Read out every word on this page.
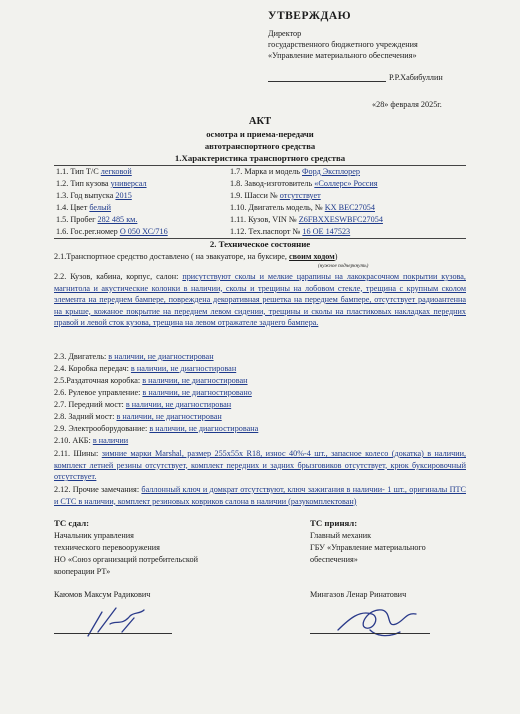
УТВЕРЖДАЮ
Директор
государственного бюджетного учреждения
«Управление материального обеспечения»
Р.Р.Хабибуллин
«28» февраля 2025г.
АКТ
осмотра и приема-передачи
автотранспортного средства
1.Характеристика транспортного средства
1.1. Тип Т/С легковой
1.2. Тип кузова универсал
1.3. Год выпуска 2015
1.4. Цвет белый
1.5. Пробег 282 485 км.
1.6. Гос.рег.номер О 050 ХС/716
1.7. Марка и модель Форд Эксплорер
1.8. Завод-изготовитель «Соллерс» Россия
1.9. Шасси № отсутствует
1.10. Двигатель модель, № KX BEC27054
1.11. Кузов, VIN № Z6FBXXESWBFC27054
1.12. Тех.паспорт № 16 ОЕ 147523
2. Техническое состояние
2.1.Транспортное средство доставлено ( на эвакуаторе, на буксире, своим ходом)
(нужное подчеркнуть)
2.2. Кузов, кабина, корпус, салон: присутствуют сколы и мелкие царапины на лакокрасочном покрытии кузова, магнитола и акустические колонки в наличии, сколы и трещины на лобовом стекле, трещина с крупным сколом элемента на переднем бампере, повреждена декоративная решетка на переднем бампере, отсутствует радиоантенна на крыше, кожаное покрытие на переднем левом сидении, трещины и сколы на пластиковых накладках передних правой и левой сток кузова, трещина на левом отражателе заднего бампера.
2.3. Двигатель: в наличии, не диагностирован
2.4. Коробка передач: в наличии, не диагностирован
2.5.Раздаточная коробка: в наличии, не диагностирован
2.6. Рулевое управление: в наличии, не диагностировано
2.7. Передний мост: в наличии, не диагностирован
2.8. Задний мост: в наличии, не диагностирован
2.9. Электрооборудование: в наличии, не диагностирована
2.10. АКБ: в наличии
2.11. Шины: зимние марки Marshal, размер 255x55x R18, износ 40%-4 шт., запасное колесо (докатка) в наличии, комплект летней резины отсутствует, комплект передних и задних брызговиков отсутствует, крюк буксировочный отсутствует.
2.12. Прочие замечания: баллонный ключ и домкрат отсутствуют, ключ зажигания в наличии- 1 шт., оригиналы ПТС и СТС в наличии, комплект резиновых ковриков салона в наличии (разукомплектован)
ТС сдал:
Начальник управления
технического перевооружения
НО «Союз организаций потребительской
кооперации РТ»
Каюмов Максум Радикович
ТС принял:
Главный механик
ГБУ «Управление материального
обеспечения»
Мингазов Ленар Ринатович
